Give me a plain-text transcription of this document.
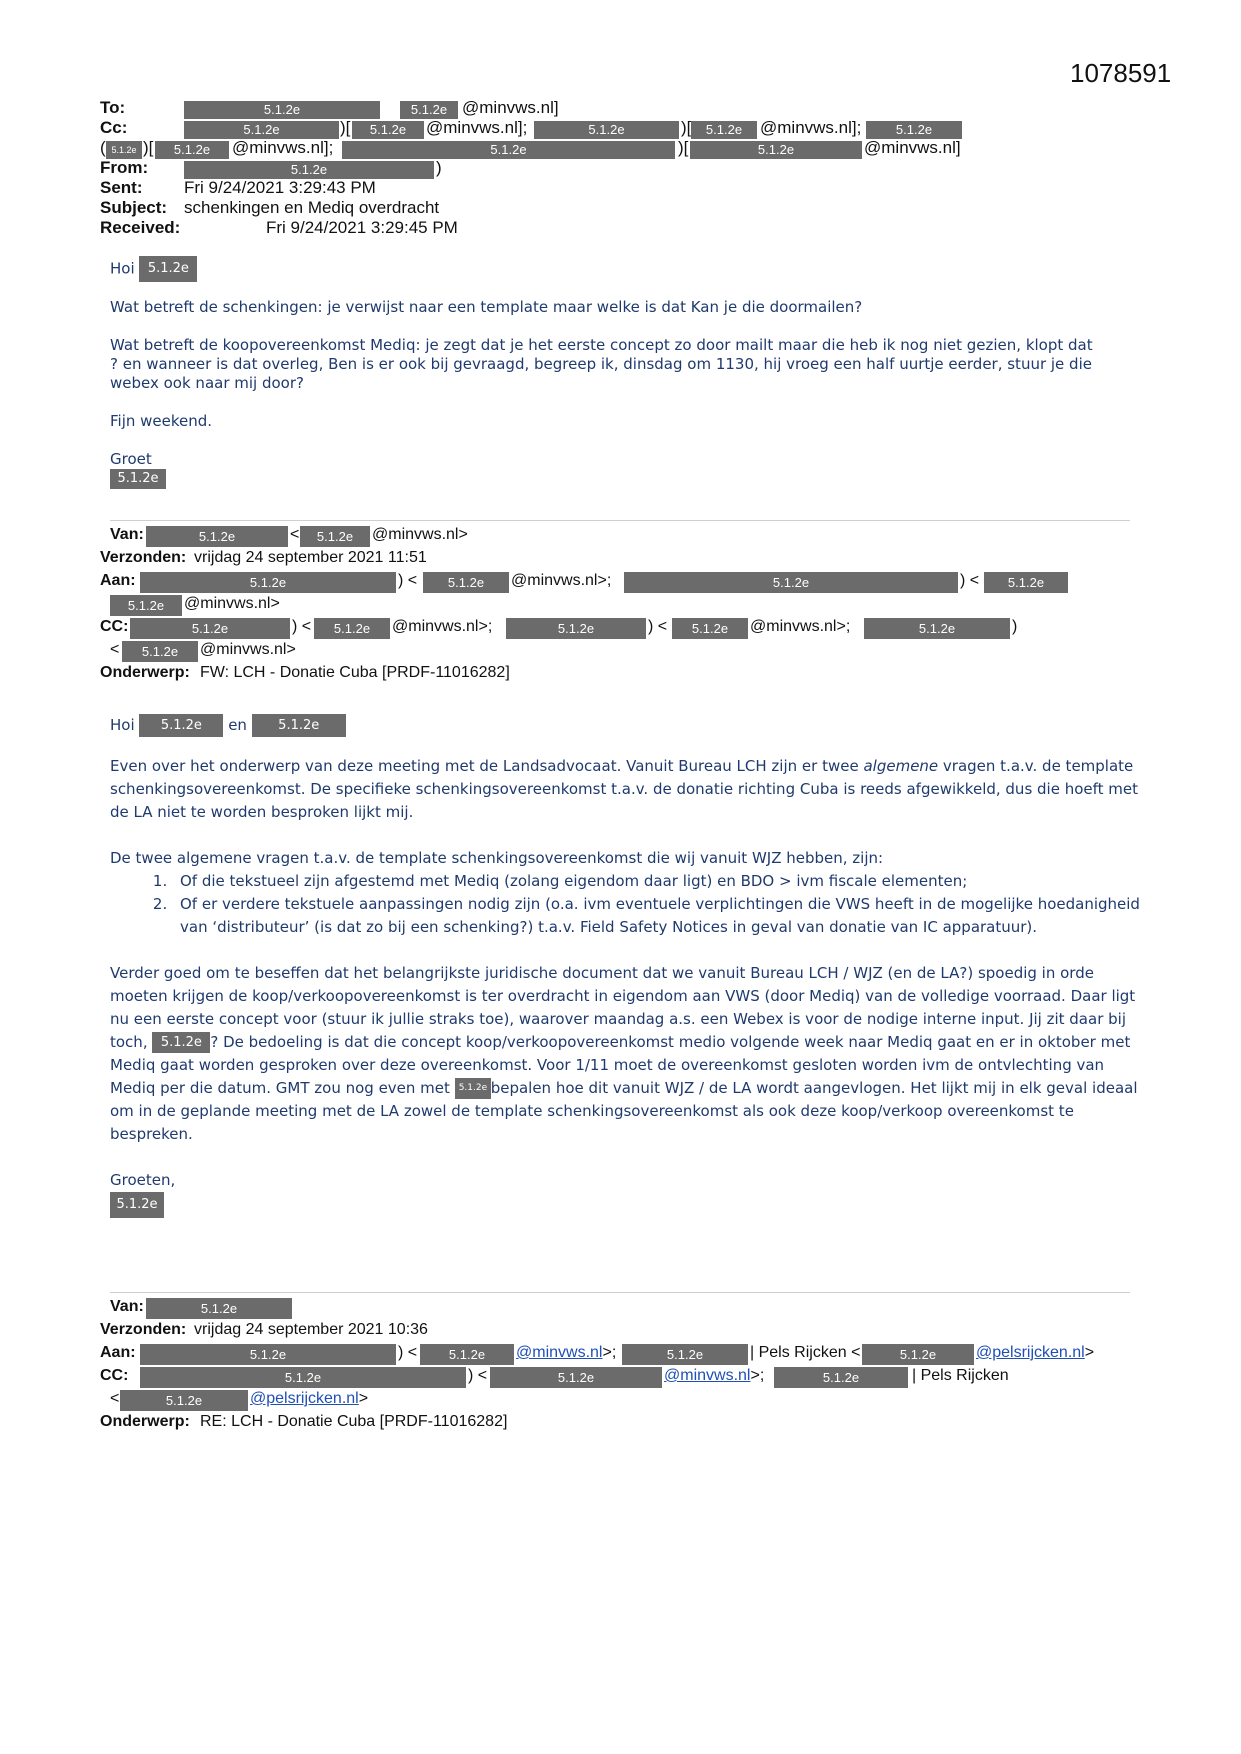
1078591
To:	5.1.2e	5.1.2e @minvws.nl]
Cc:	5.1.2e	)[	5.1.2e	@minvws.nl];	5.1.2e	)[	5.1.2e	@minvws.nl];	5.1.2e
( 5.1.2e )[	5.1.2e	@minvws.nl];	5.1.2e	)[	5.1.2e	@minvws.nl]
From:	5.1.2e	)
Sent: Fri 9/24/2021 3:29:43 PM
Subject: schenkingen en Mediq overdracht
Received:	Fri 9/24/2021 3:29:45 PM

Hoi 5.1.2e

Wat betreft de schenkingen: je verwijst naar een template maar welke is dat Kan je die doormailen?

Wat betreft de koopovereenkomst Mediq: je zegt dat je het eerste concept zo door mailt maar die heb ik nog niet gezien, klopt dat ? en wanneer is dat overleg, Ben is er ook bij gevraagd, begreep ik, dinsdag om 1130, hij vroeg een half uurtje eerder, stuur je die webex ook naar mij door?

Fijn weekend.

Groet

5.1.2e
Van:	5.1.2e	<	5.1.2e	@minvws.nl>
Verzonden: vrijdag 24 september 2021 11:51
Aan:	5.1.2e	) <	5.1.2e	@minvws.nl>;	5.1.2e	) <	5.1.2e
5.1.2e	@minvws.nl>
CC:	5.1.2e	) <	5.1.2e	@minvws.nl>;	5.1.2e	) <	5.1.2e	@minvws.nl>;	5.1.2e	)
<	5.1.2e	@minvws.nl>
Onderwerp: FW: LCH - Donatie Cuba [PRDF-11016282]
Hoi 5.1.2e en 5.1.2e

Even over het onderwerp van deze meeting met de Landsadvocaat. Vanuit Bureau LCH zijn er twee algemene vragen t.a.v. de template schenkingsovereenkomst. De specifieke schenkingsovereenkomst t.a.v. de donatie richting Cuba is reeds afgewikkeld, dus die hoeft met de LA niet te worden besproken lijkt mij.

De twee algemene vragen t.a.v. de template schenkingsovereenkomst die wij vanuit WJZ hebben, zijn:

1. Of die tekstueel zijn afgestemd met Mediq (zolang eigendom daar ligt) en BDO > ivm fiscale elementen;
2. Of er verdere tekstuele aanpassingen nodig zijn (o.a. ivm eventuele verplichtingen die VWS heeft in de mogelijke hoedanigheid van ‘distributeur’ (is dat zo bij een schenking?) t.a.v. Field Safety Notices in geval van donatie van IC apparatuur).

Verder goed om te beseffen dat het belangrijkste juridische document dat we vanuit Bureau LCH / WJZ (en de LA?) spoedig in orde moeten krijgen de koop/verkoopovereenkomst is ter overdracht in eigendom aan VWS (door Mediq) van de volledige voorraad. Daar ligt nu een eerste concept voor (stuur ik jullie straks toe), waarover maandag a.s. een Webex is voor de nodige interne input. Jij zit daar bij toch, 5.1.2e ? De bedoeling is dat die concept koop/verkoopovereenkomst medio volgende week naar Mediq gaat en er in oktober met Mediq gaat worden gesproken over deze overeenkomst. Voor 1/11 moet de overeenkomst gesloten worden ivm de ontvlechting van Mediq per die datum. GMT zou nog even met 5.1.2e bepalen hoe dit vanuit WJZ / de LA wordt aangevlogen. Het lijkt mij in elk geval ideaal om in de geplande meeting met de LA zowel de template schenkingsovereenkomst als ook deze koop/verkoop overeenkomst te bespreken.

Groeten,

5.1.2e
Van:	5.1.2e
Verzonden: vrijdag 24 september 2021 10:36
Aan:	5.1.2e	) <	5.1.2e	@minvws.nl>;	5.1.2e	| Pels Rijcken <	5.1.2e	@pelsrijcken.nl>
CC:	5.1.2e	) <	5.1.2e	@minvws.nl>;	5.1.2e	| Pels Rijcken
<	5.1.2e	@pelsrijcken.nl>
Onderwerp: RE: LCH - Donatie Cuba [PRDF-11016282]
